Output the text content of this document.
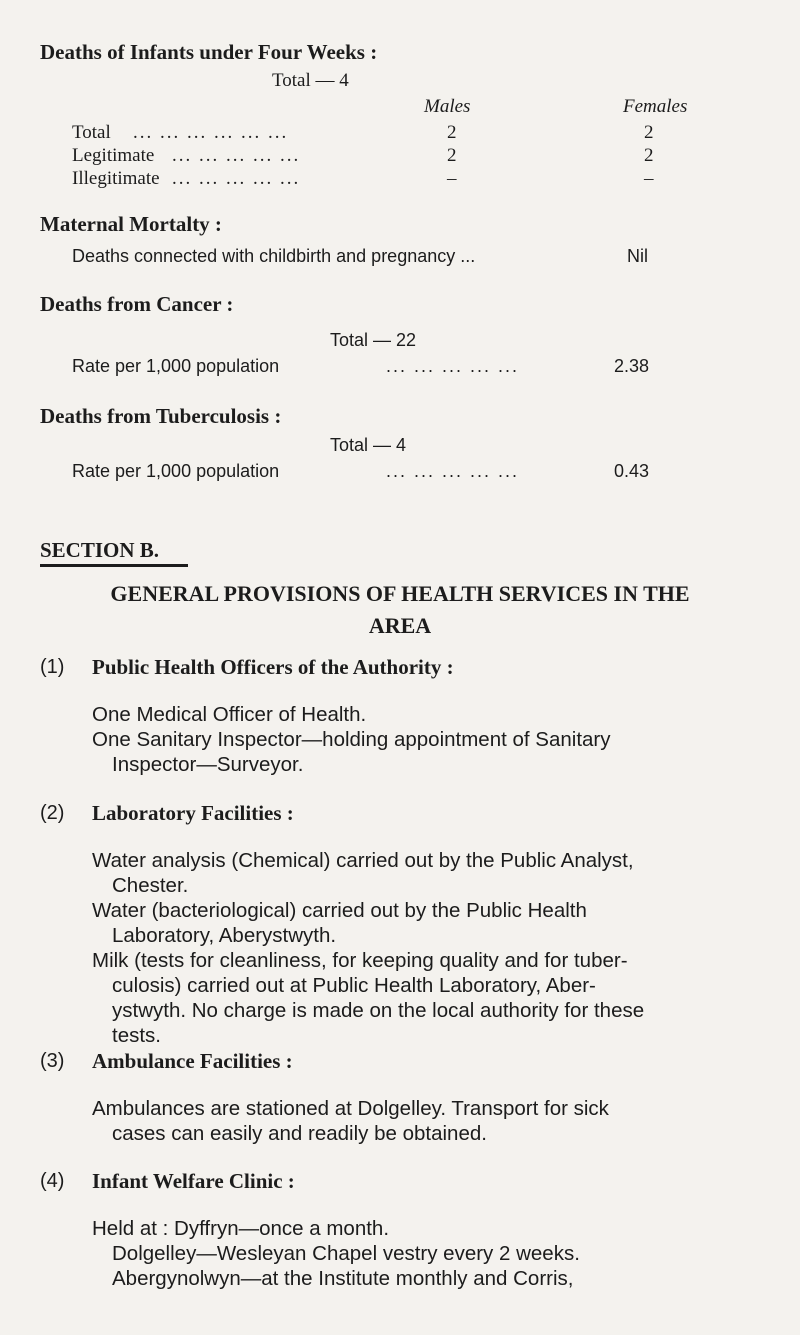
Deaths of Infants under Four Weeks :
Total — 4
Males	Females
Total ... ... ... ... ... ...	2	2
Legitimate ... ... ... ... ...	2	2
Illegitimate ... ... ... ... ...	–	–
Maternal Mortalty :
Deaths connected with childbirth and pregnancy ...	Nil
Deaths from Cancer :
Total — 22
Rate per 1,000 population	... ... ... ... ...	2.38
Deaths from Tuberculosis :
Total — 4
Rate per 1,000 population	... ... ... ... ...	0.43
SECTION B.
GENERAL PROVISIONS OF HEALTH SERVICES IN THE
AREA
(1) Public Health Officers of the Authority :
One Medical Officer of Health.
One Sanitary Inspector—holding appointment of Sanitary
Inspector—Surveyor.
(2) Laboratory Facilities :
Water analysis (Chemical) carried out by the Public Analyst,
Chester.
Water (bacteriological) carried out by the Public Health
Laboratory, Aberystwyth.
Milk (tests for cleanliness, for keeping quality and for tuber-
culosis) carried out at Public Health Laboratory, Aber-
ystwyth. No charge is made on the local authority for these
tests.
(3) Ambulance Facilities :
Ambulances are stationed at Dolgelley. Transport for sick
cases can easily and readily be obtained.
(4) Infant Welfare Clinic :
Held at : Dyffryn—once a month.
Dolgelley—Wesleyan Chapel vestry every 2 weeks.
Abergynolwyn—at the Institute monthly and Corris,
